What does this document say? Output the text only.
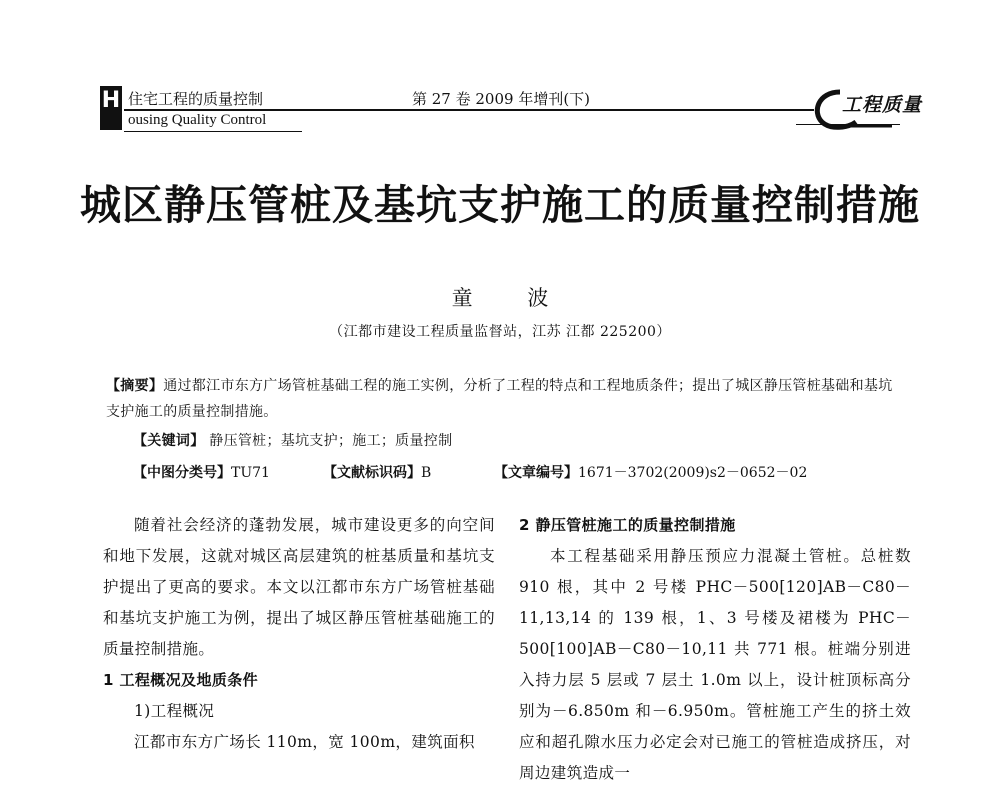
H 住宅工程的质量控制
ousing Quality Control
第 27 卷 2009 年增刊(下)	工程质量
城区静压管桩及基坑支护施工的质量控制措施
童 波
（江都市建设工程质量监督站，江苏 江都 225200）
【摘要】通过都江市东方广场管桩基础工程的施工实例，分析了工程的特点和工程地质条件；提出了城区静压管桩基础和基坑支护施工的质量控制措施。
【关键词】 静压管桩；基坑支护；施工；质量控制
【中图分类号】TU71	【文献标识码】B	【文章编号】1671－3702(2009)s2－0652－02

随着社会经济的蓬勃发展，城市建设更多的向空间和地下发展，这就对城区高层建筑的桩基质量和基坑支护提出了更高的要求。本文以江都市东方广场管桩基础和基坑支护施工为例，提出了城区静压管桩基础施工的质量控制措施。

1 工程概况及地质条件

1)工程概况

江都市东方广场长 110m，宽 100m，建筑面积

2 静压管桩施工的质量控制措施

本工程基础采用静压预应力混凝土管桩。总桩数 910 根，其中 2 号楼 PHC－500[120]AB－C80－11,13,14 的 139 根，1、3 号楼及裙楼为 PHC－500[100]AB－C80－10,11 共 771 根。桩端分别进入持力层 5 层或 7 层土 1.0m 以上，设计桩顶标高分别为－6.850m 和－6.950m。管桩施工产生的挤土效应和超孔隙水压力必定会对已施工的管桩造成挤压，对周边建筑造成一
